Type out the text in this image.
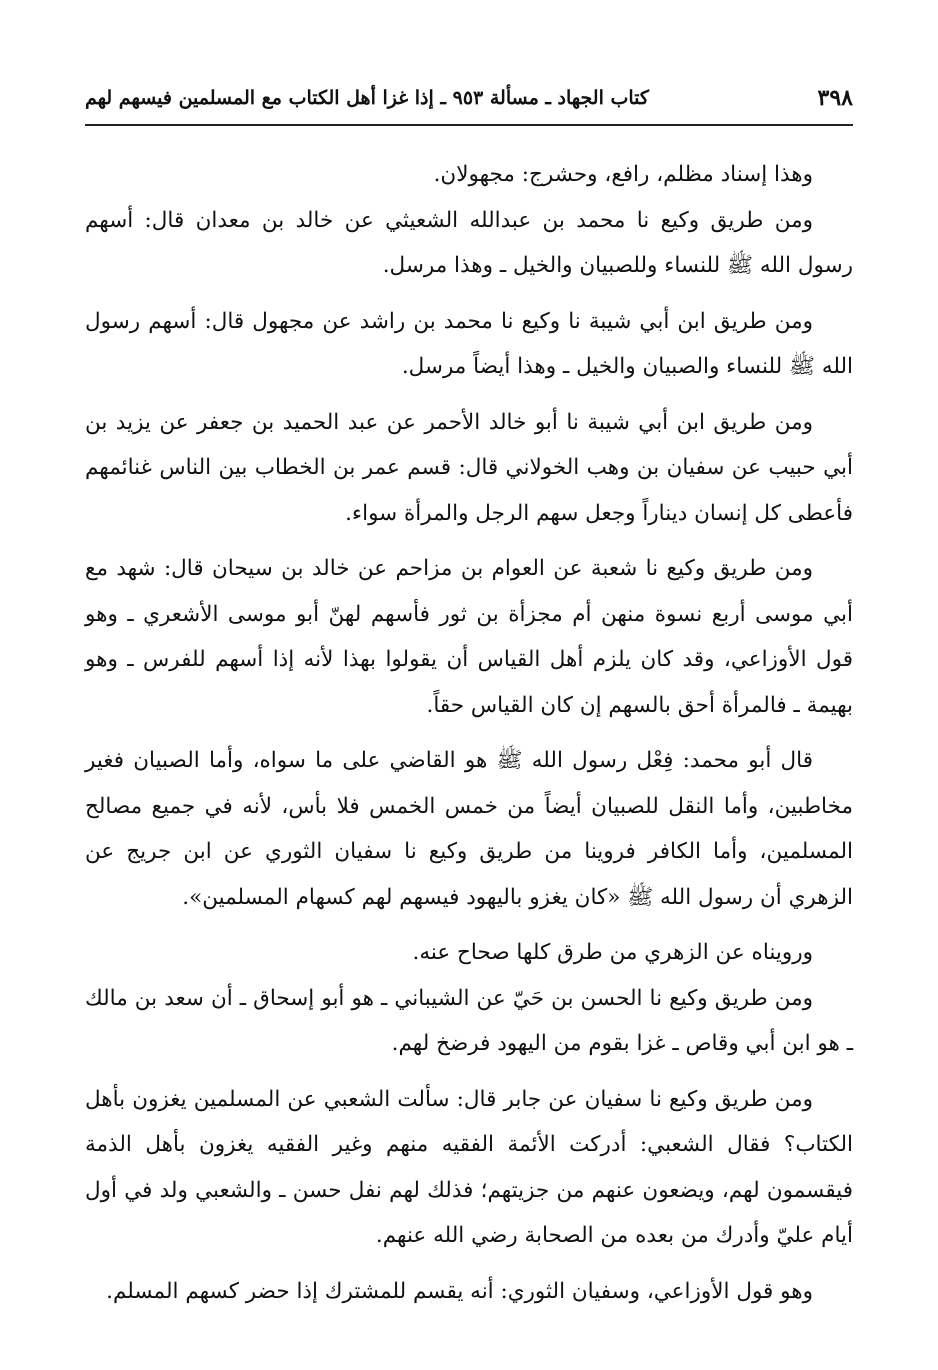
٣٩٨
كتاب الجهاد ـ مسألة ٩٥٣ ـ إذا غزا أهل الكتاب مع المسلمين فيسهم لهم

وهذا إسناد مظلم، رافع، وحشرج: مجهولان.

ومن طريق وكيع نا محمد بن عبدالله الشعيثي عن خالد بن معدان قال: أسهم رسول الله ﷺ للنساء وللصبيان والخيل ـ وهذا مرسل.

ومن طريق ابن أبي شيبة نا وكيع نا محمد بن راشد عن مجهول قال: أسهم رسول الله ﷺ للنساء والصبيان والخيل ـ وهذا أيضاً مرسل.

ومن طريق ابن أبي شيبة نا أبو خالد الأحمر عن عبد الحميد بن جعفر عن يزيد بن أبي حبيب عن سفيان بن وهب الخولاني قال: قسم عمر بن الخطاب بين الناس غنائمهم فأعطى كل إنسان ديناراً وجعل سهم الرجل والمرأة سواء.

ومن طريق وكيع نا شعبة عن العوام بن مزاحم عن خالد بن سيحان قال: شهد مع أبي موسى أربع نسوة منهن أم مجزأة بن ثور فأسهم لهنّ أبو موسى الأشعري ـ وهو قول الأوزاعي، وقد كان يلزم أهل القياس أن يقولوا بهذا لأنه إذا أسهم للفرس ـ وهو بهيمة ـ فالمرأة أحق بالسهم إن كان القياس حقاً.

قال أبو محمد: فِعْل رسول الله ﷺ هو القاضي على ما سواه، وأما الصبيان فغير مخاطبين، وأما النقل للصبيان أيضاً من خمس الخمس فلا بأس، لأنه في جميع مصالح المسلمين، وأما الكافر فروينا من طريق وكيع نا سفيان الثوري عن ابن جريج عن الزهري أن رسول الله ﷺ «كان يغزو باليهود فيسهم لهم كسهام المسلمين».

ورويناه عن الزهري من طرق كلها صحاح عنه.

ومن طريق وكيع نا الحسن بن حَيّ عن الشيباني ـ هو أبو إسحاق ـ أن سعد بن مالك ـ هو ابن أبي وقاص ـ غزا بقوم من اليهود فرضخ لهم.

ومن طريق وكيع نا سفيان عن جابر قال: سألت الشعبي عن المسلمين يغزون بأهل الكتاب؟ فقال الشعبي: أدركت الأئمة الفقيه منهم وغير الفقيه يغزون بأهل الذمة فيقسمون لهم، ويضعون عنهم من جزيتهم؛ فذلك لهم نفل حسن ـ والشعبي ولد في أول أيام عليّ وأدرك من بعده من الصحابة رضي الله عنهم.

وهو قول الأوزاعي، وسفيان الثوري: أنه يقسم للمشترك إذا حضر كسهم المسلم.
